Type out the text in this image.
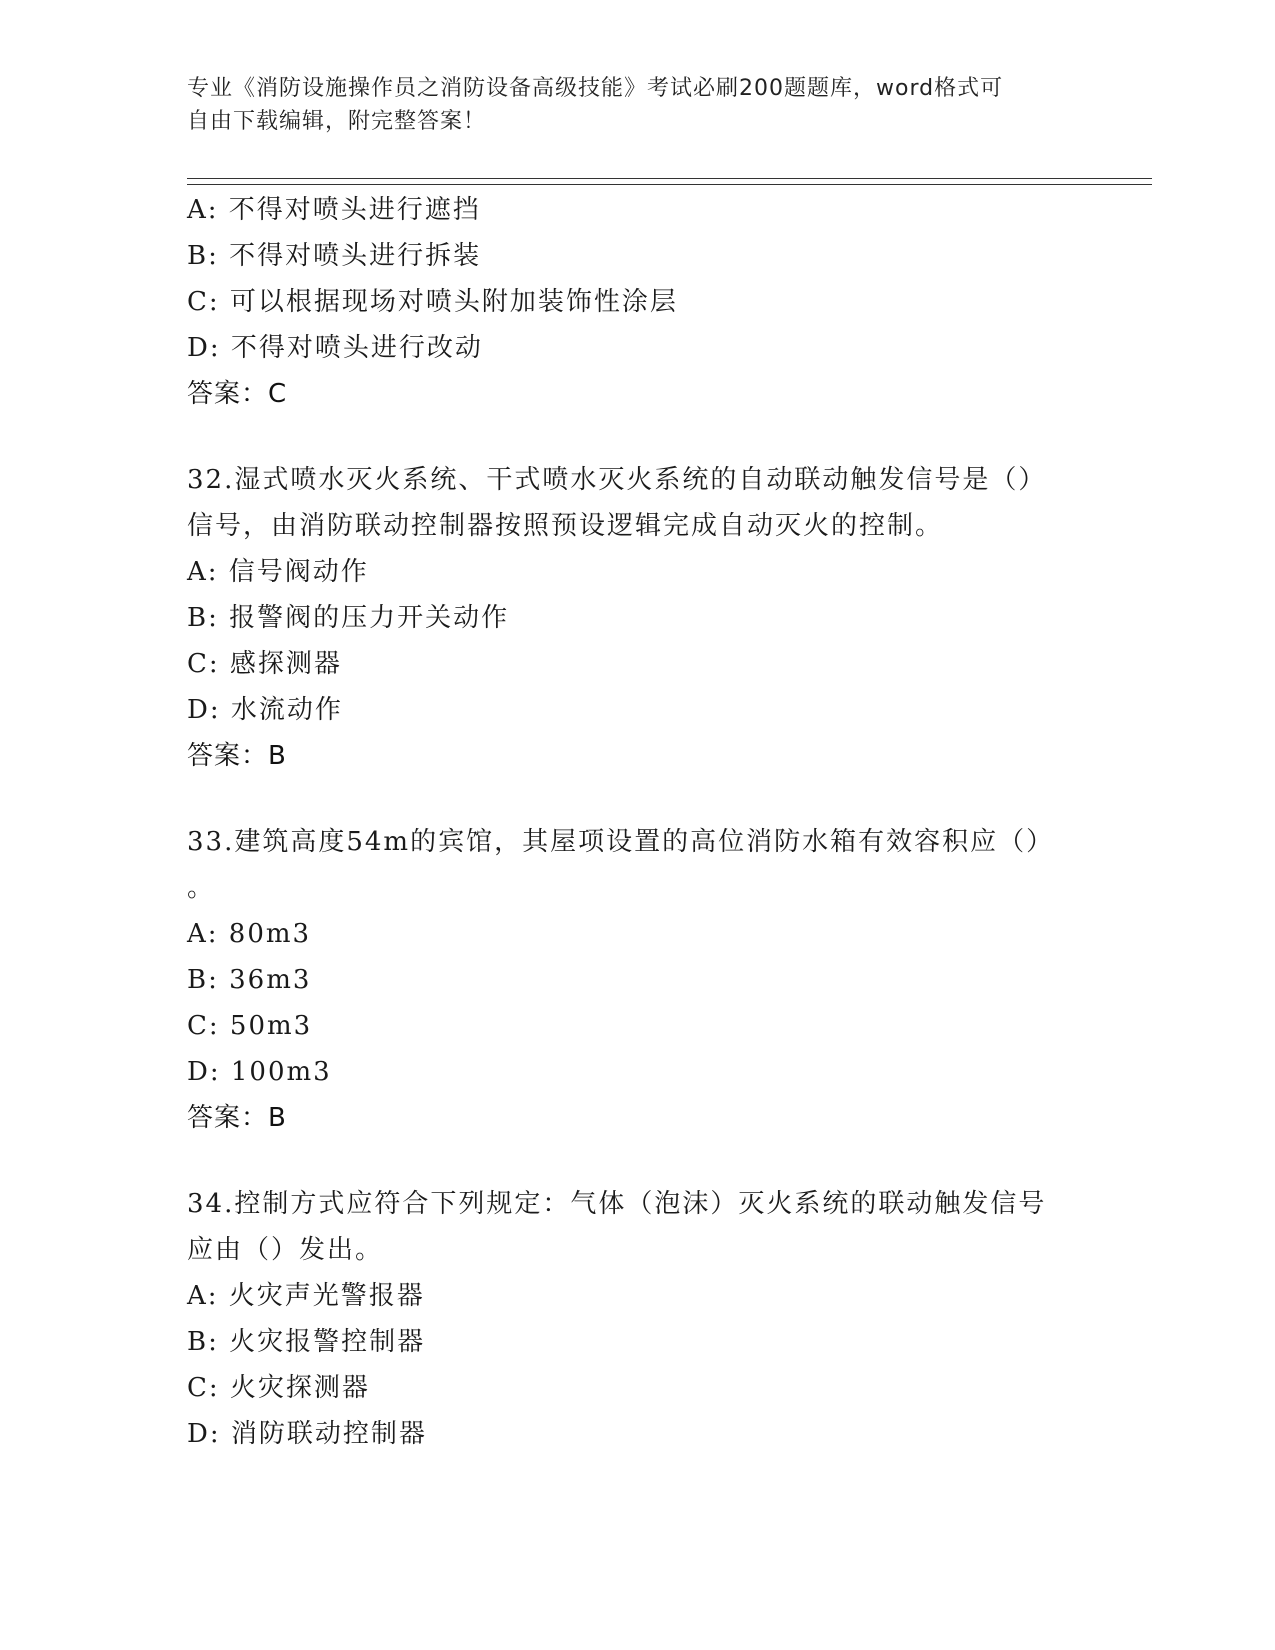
专业《消防设施操作员之消防设备高级技能》考试必刷200题题库，word格式可
自由下载编辑，附完整答案！
A: 不得对喷头进行遮挡
B: 不得对喷头进行拆装
C: 可以根据现场对喷头附加装饰性涂层
D: 不得对喷头进行改动
答案：C
32.湿式喷水灭火系统、干式喷水灭火系统的自动联动触发信号是（）
信号，由消防联动控制器按照预设逻辑完成自动灭火的控制。
A: 信号阀动作
B: 报警阀的压力开关动作
C: 感探测器
D: 水流动作
答案：B
33.建筑高度54m的宾馆，其屋项设置的高位消防水箱有效容积应（）
。
A: 80m3
B: 36m3
C: 50m3
D: 100m3
答案：B
34.控制方式应符合下列规定：气体（泡沫）灭火系统的联动触发信号
应由（）发出。
A: 火灾声光警报器
B: 火灾报警控制器
C: 火灾探测器
D: 消防联动控制器
